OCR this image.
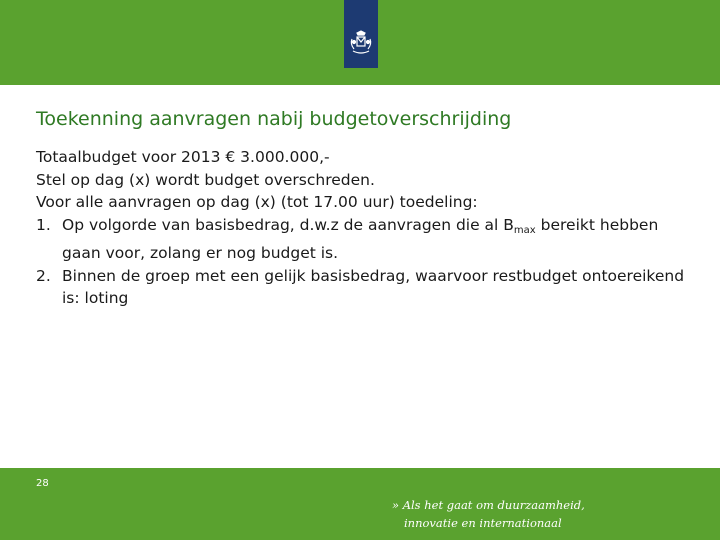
Toekenning aanvragen nabij budgetoverschrijding
Totaalbudget voor 2013 € 3.000.000,-
Stel op dag (x) wordt budget overschreden.
Voor alle aanvragen op dag (x) (tot 17.00 uur) toedeling:
1. Op volgorde van basisbedrag, d.w.z de aanvragen die al $B_{max}$ bereikt hebben gaan voor, zolang er nog budget is.
2. Binnen de groep met een gelijk basisbedrag, waarvoor restbudget ontoereikend is: loting
28
» Als het gaat om duurzaamheid,
innovatie en internationaal
